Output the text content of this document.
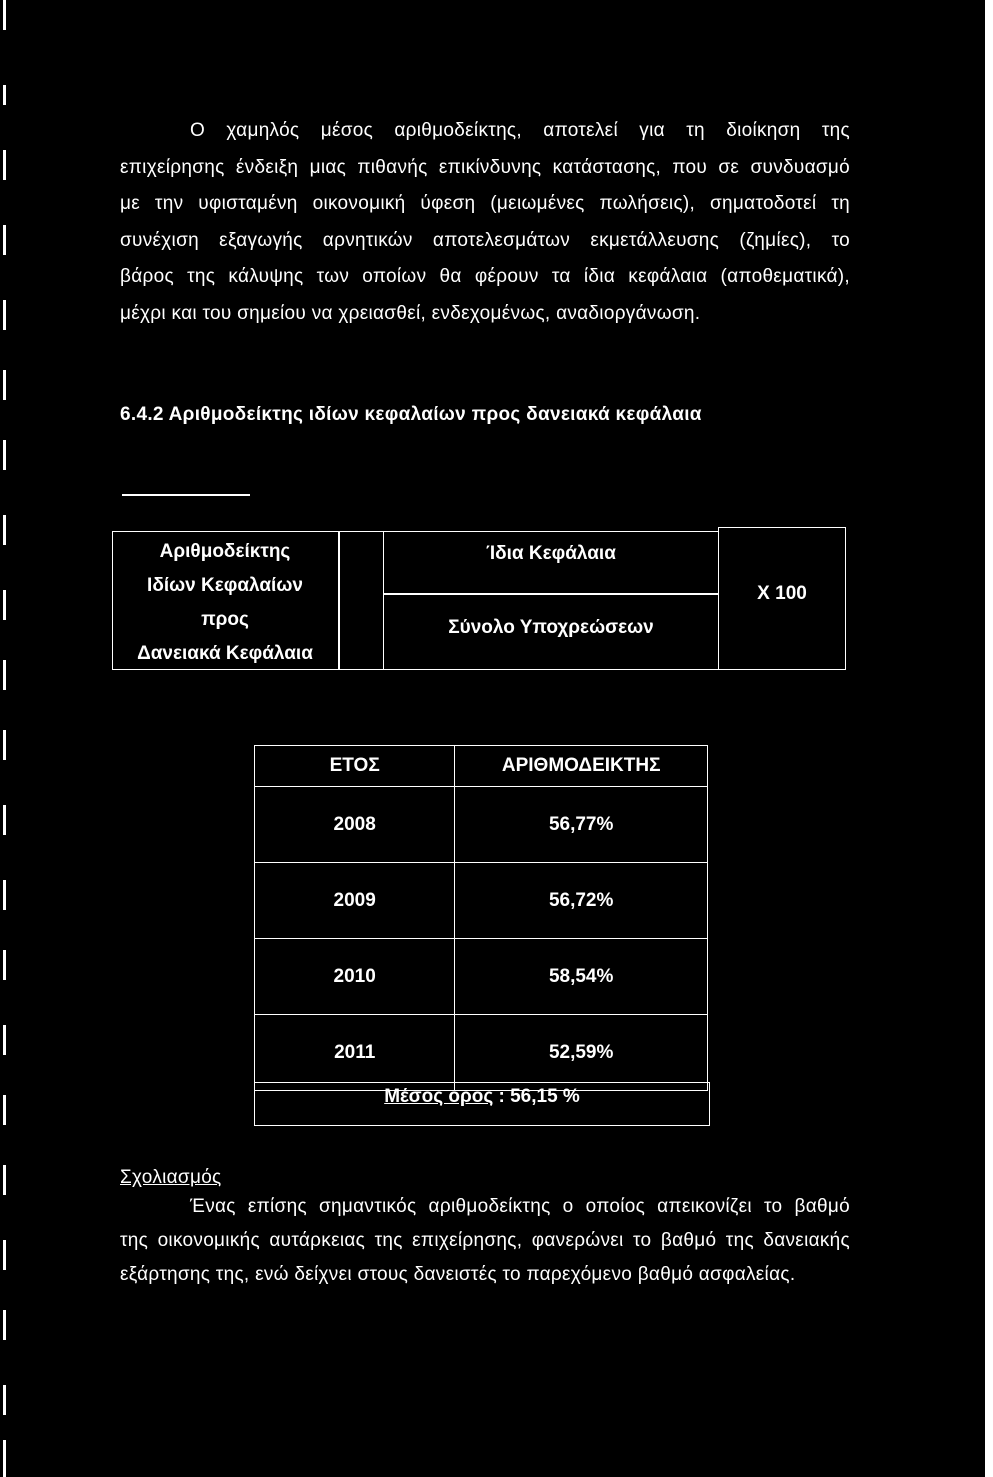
Ο χαμηλός μέσος αριθμοδείκτης, αποτελεί για τη διοίκηση της
επιχείρησης ένδειξη μιας πιθανής επικίνδυνης κατάστασης, που σε συνδυασμό
με την υφισταμένη οικονομική ύφεση (μειωμένες πωλήσεις), σηματοδοτεί τη
συνέχιση εξαγωγής αρνητικών αποτελεσμάτων εκμετάλλευσης (ζημίες), το
βάρος της κάλυψης των οποίων θα φέρουν τα ίδια κεφάλαια (αποθεματικά),
μέχρι και του σημείου να χρειασθεί, ενδεχομένως, αναδιοργάνωση.
6.4.2 Αριθμοδείκτης ιδίων κεφαλαίων προς δανειακά κεφάλαια
Αριθμοδείκτης
Ιδίων Κεφαλαίων
προς
Δανειακά Κεφάλαια
Ίδια Κεφάλαια
Σύνολο Υποχρεώσεων
X 100
ΕΤΟΣ	ΑΡΙΘΜΟΔΕΙΚΤΗΣ
2008	56,77%
2009	56,72%
2010	58,54%
2011	52,59%
Μέσος ορος : 56,15 %
Σχολιασμός
Ένας επίσης σημαντικός αριθμοδείκτης ο οποίος απεικονίζει το βαθμό
της οικονομικής αυτάρκειας της επιχείρησης, φανερώνει το βαθμό της δανειακής
εξάρτησης της, ενώ δείχνει στους δανειστές το παρεχόμενο βαθμό ασφαλείας.
